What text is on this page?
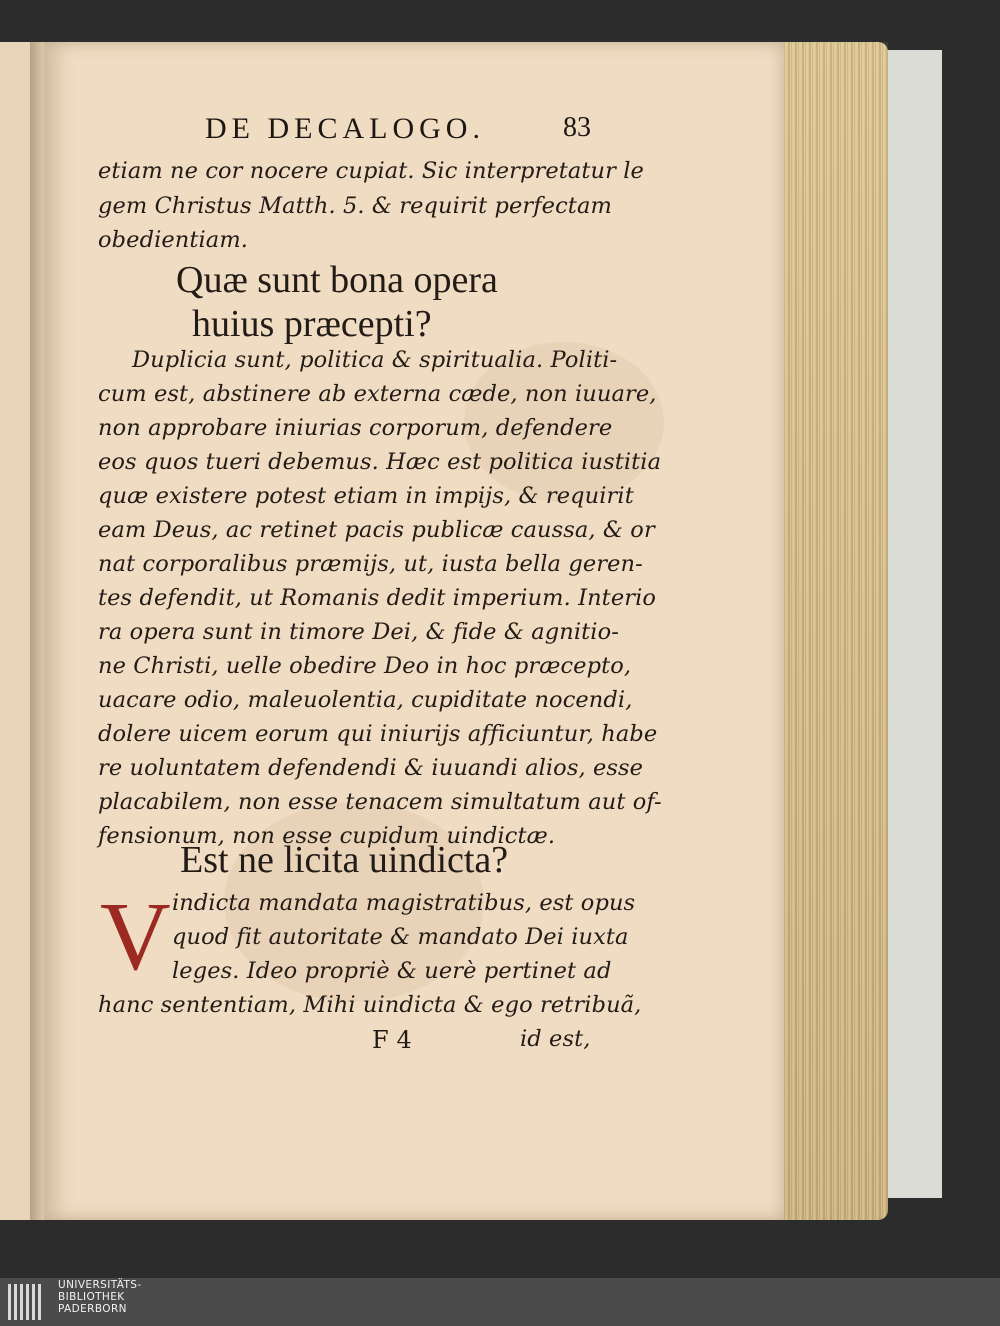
DE DECALOGO.	83
etiam ne cor nocere cupiat. Sic interpretatur le
gem Christus Matth. 5. & requirit perfectam
obedientiam.
Quæ sunt bona opera
huius præcepti?
Duplicia sunt, politica & spiritualia. Politi-
cum est, abstinere ab externa cæde, non iuuare,
non approbare iniurias corporum, defendere
eos quos tueri debemus. Hæc est politica iustitia
quæ existere potest etiam in impijs, & requirit
eam Deus, ac retinet pacis publicæ caussa, & or
nat corporalibus præmijs, ut, iusta bella geren-
tes defendit, ut Romanis dedit imperium. Interio
ra opera sunt in timore Dei, & fide & agnitio-
ne Christi, uelle obedire Deo in hoc præcepto,
uacare odio, maleuolentia, cupiditate nocendi,
dolere uicem eorum qui iniurijs afficiuntur, habe
re uoluntatem defendendi & iuuandi alios, esse
placabilem, non esse tenacem simultatum aut of-
fensionum, non esse cupidum uindictæ.
Est ne licita uindicta?
V indicta mandata magistratibus, est opus
quod fit autoritate & mandato Dei iuxta
leges. Ideo propriè & uerè pertinet ad
hanc sententiam, Mihi uindicta & ego retribuã,
F 4	id est,
UNIVERSITÄTS-
BIBLIOTHEK
PADERBORN
